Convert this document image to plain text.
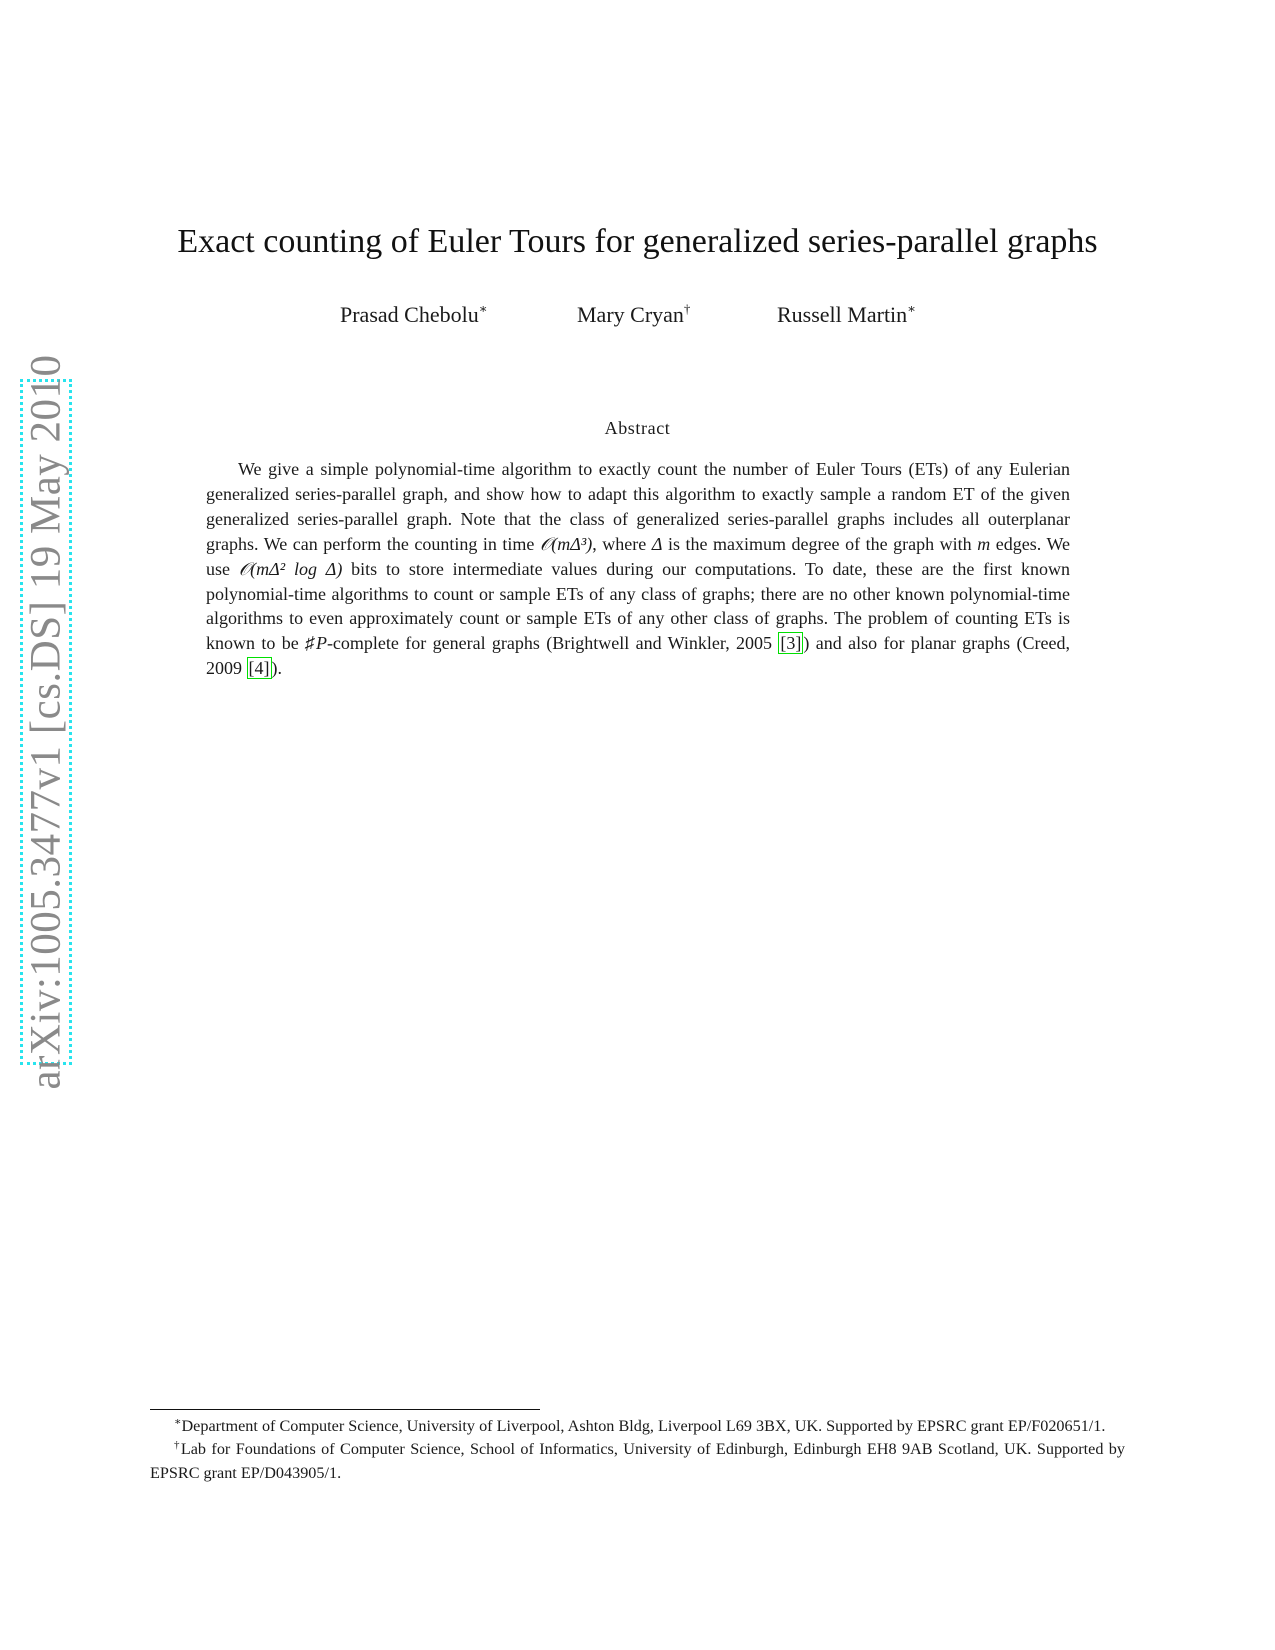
arXiv:1005.3477v1 [cs.DS] 19 May 2010
Exact counting of Euler Tours for generalized series-parallel graphs
Prasad Chebolu∗	Mary Cryan†	Russell Martin∗
Abstract

We give a simple polynomial-time algorithm to exactly count the number of Euler Tours (ETs) of any Eulerian generalized series-parallel graph, and show how to adapt this algorithm to exactly sample a random ET of the given generalized series-parallel graph. Note that the class of generalized series-parallel graphs includes all outerplanar graphs. We can perform the counting in time 𝒪(mΔ³), where Δ is the maximum degree of the graph with m edges. We use 𝒪(mΔ² log Δ) bits to store intermediate values during our computations. To date, these are the first known polynomial-time algorithms to count or sample ETs of any class of graphs; there are no other known polynomial-time algorithms to even approximately count or sample ETs of any other class of graphs. The problem of counting ETs is known to be ♯P-complete for general graphs (Brightwell and Winkler, 2005 [3] ) and also for planar graphs (Creed, 2009 [4] ).

∗Department of Computer Science, University of Liverpool, Ashton Bldg, Liverpool L69 3BX, UK. Supported by EPSRC grant EP/F020651/1.

†Lab for Foundations of Computer Science, School of Informatics, University of Edinburgh, Edinburgh EH8 9AB Scotland, UK. Supported by EPSRC grant EP/D043905/1.
